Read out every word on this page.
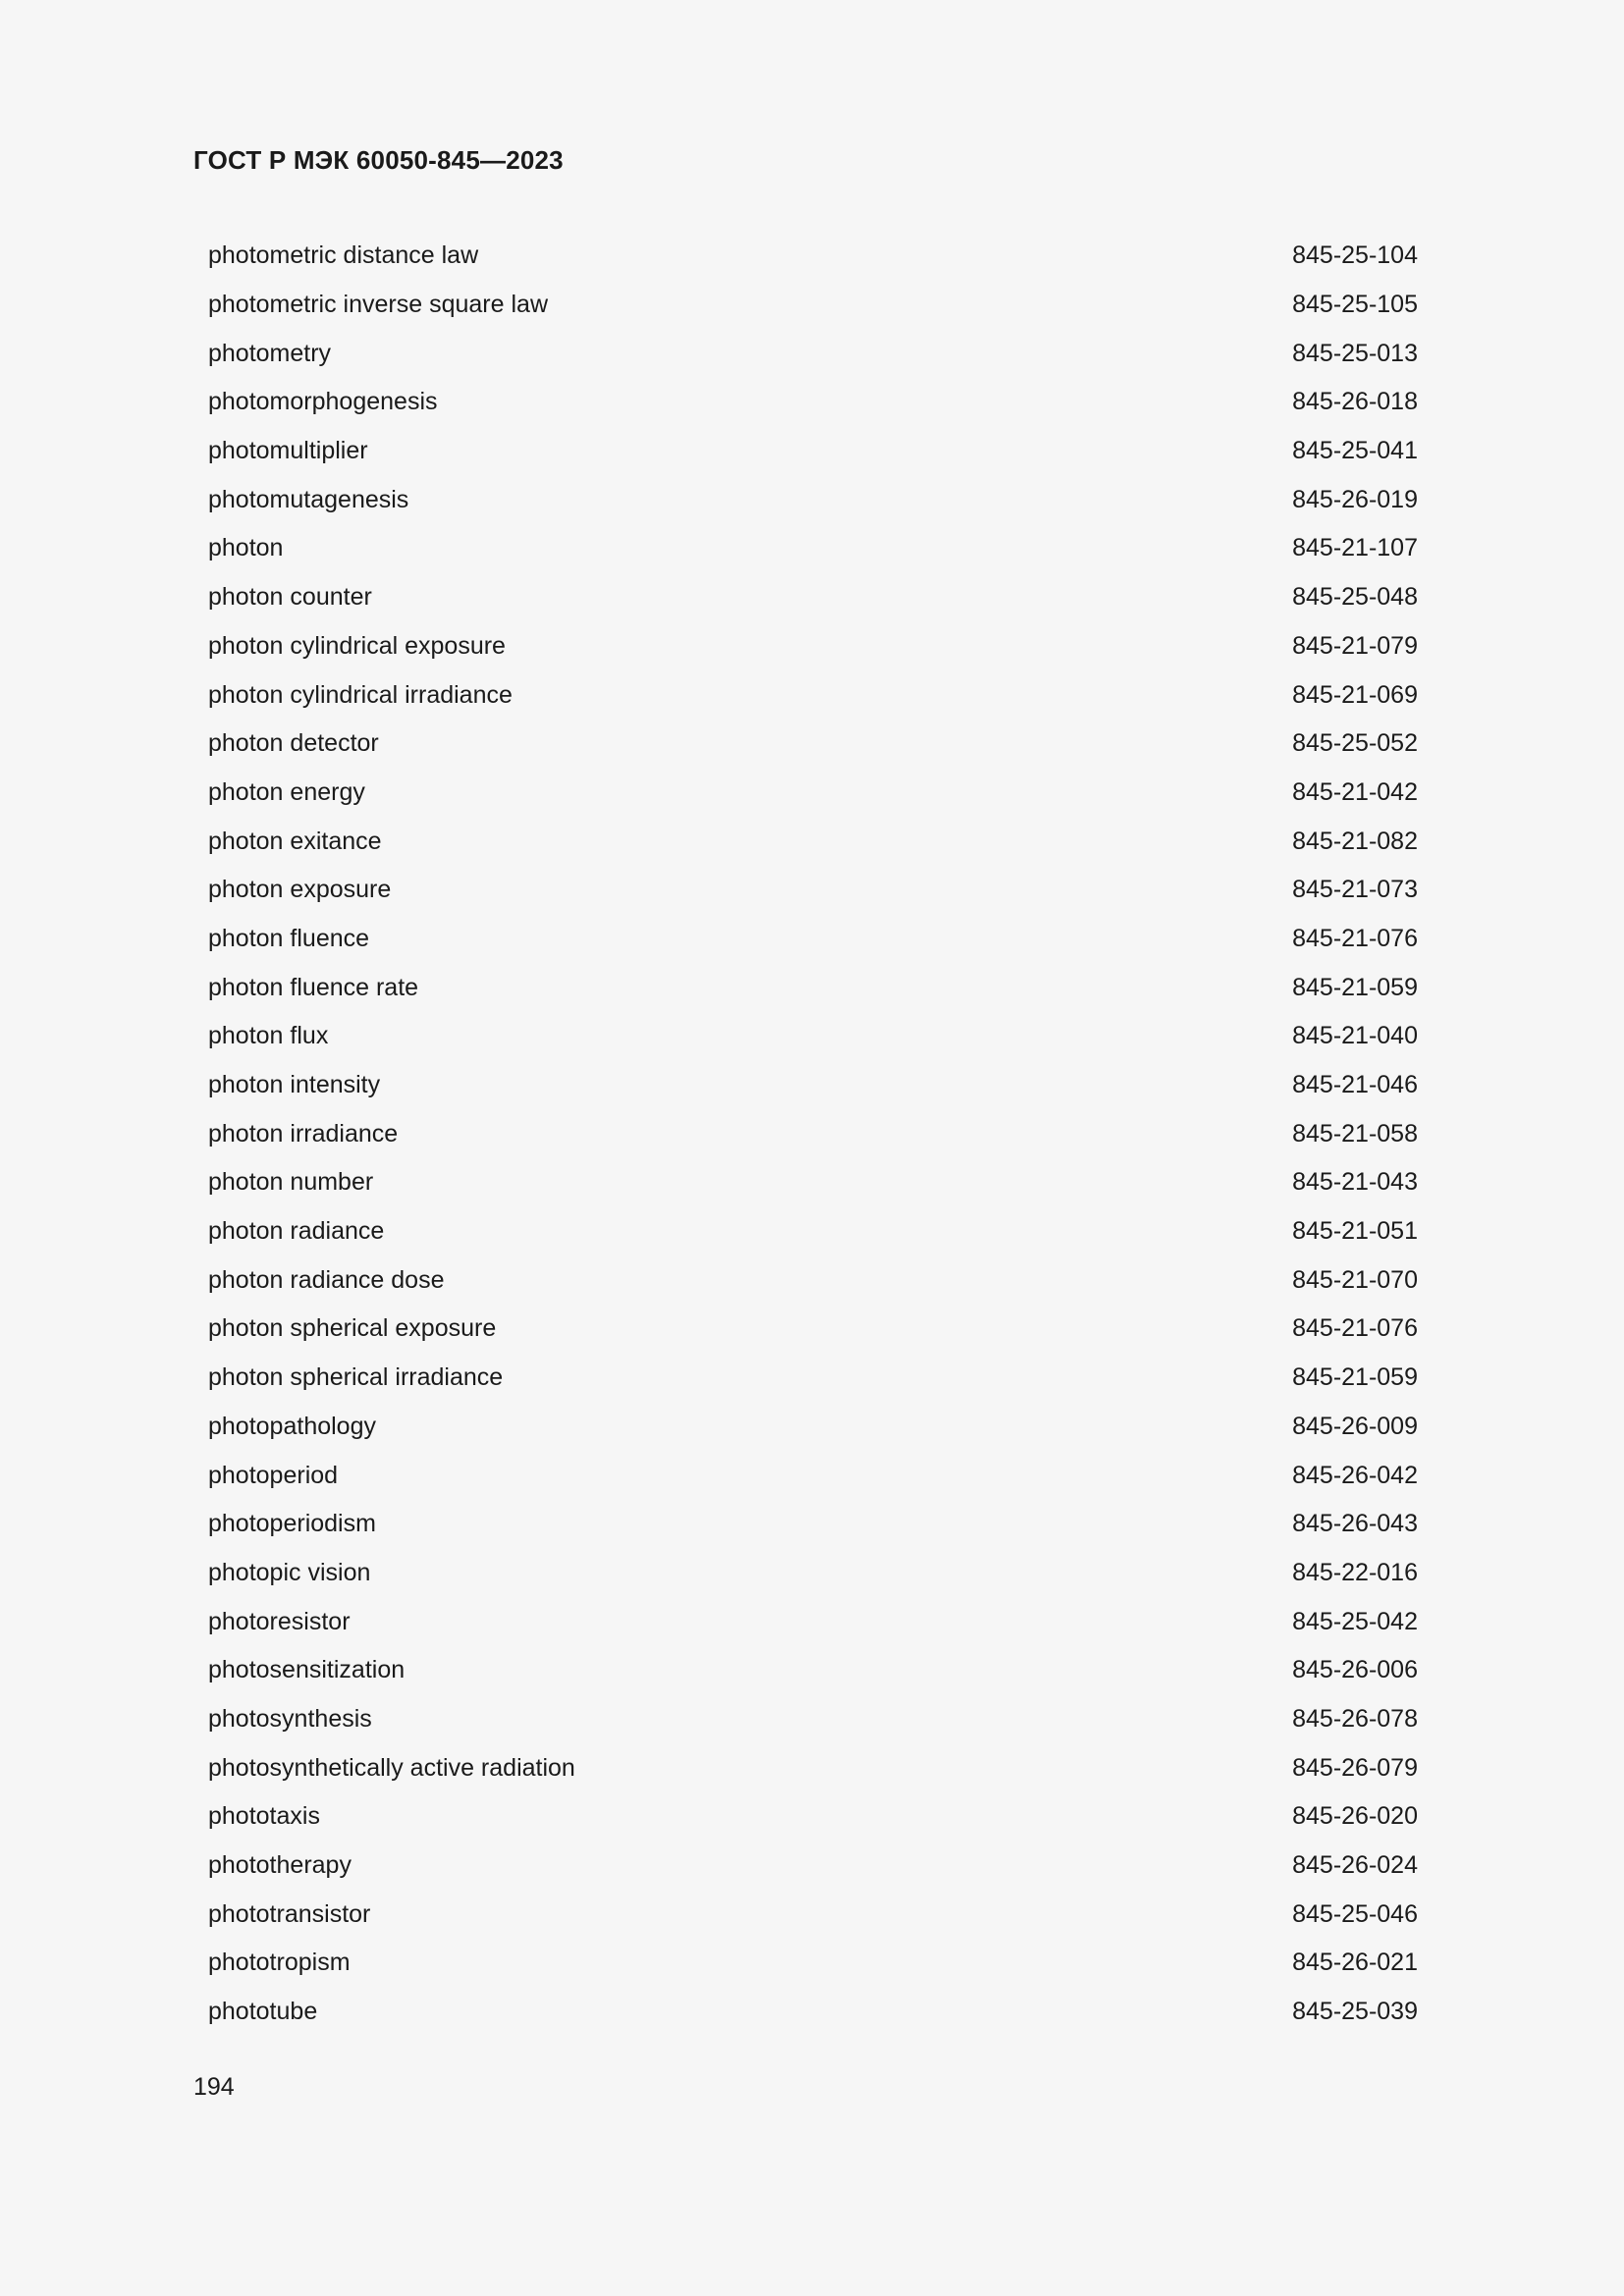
ГОСТ Р МЭК 60050-845—2023
photometric distance law	845-25-104
photometric inverse square law	845-25-105
photometry	845-25-013
photomorphogenesis	845-26-018
photomultiplier	845-25-041
photomutagenesis	845-26-019
photon	845-21-107
photon counter	845-25-048
photon cylindrical exposure	845-21-079
photon cylindrical irradiance	845-21-069
photon detector	845-25-052
photon energy	845-21-042
photon exitance	845-21-082
photon exposure	845-21-073
photon fluence	845-21-076
photon fluence rate	845-21-059
photon flux	845-21-040
photon intensity	845-21-046
photon irradiance	845-21-058
photon number	845-21-043
photon radiance	845-21-051
photon radiance dose	845-21-070
photon spherical exposure	845-21-076
photon spherical irradiance	845-21-059
photopathology	845-26-009
photoperiod	845-26-042
photoperiodism	845-26-043
photopic vision	845-22-016
photoresistor	845-25-042
photosensitization	845-26-006
photosynthesis	845-26-078
photosynthetically active radiation	845-26-079
phototaxis	845-26-020
phototherapy	845-26-024
phototransistor	845-25-046
phototropism	845-26-021
phototube	845-25-039
194
